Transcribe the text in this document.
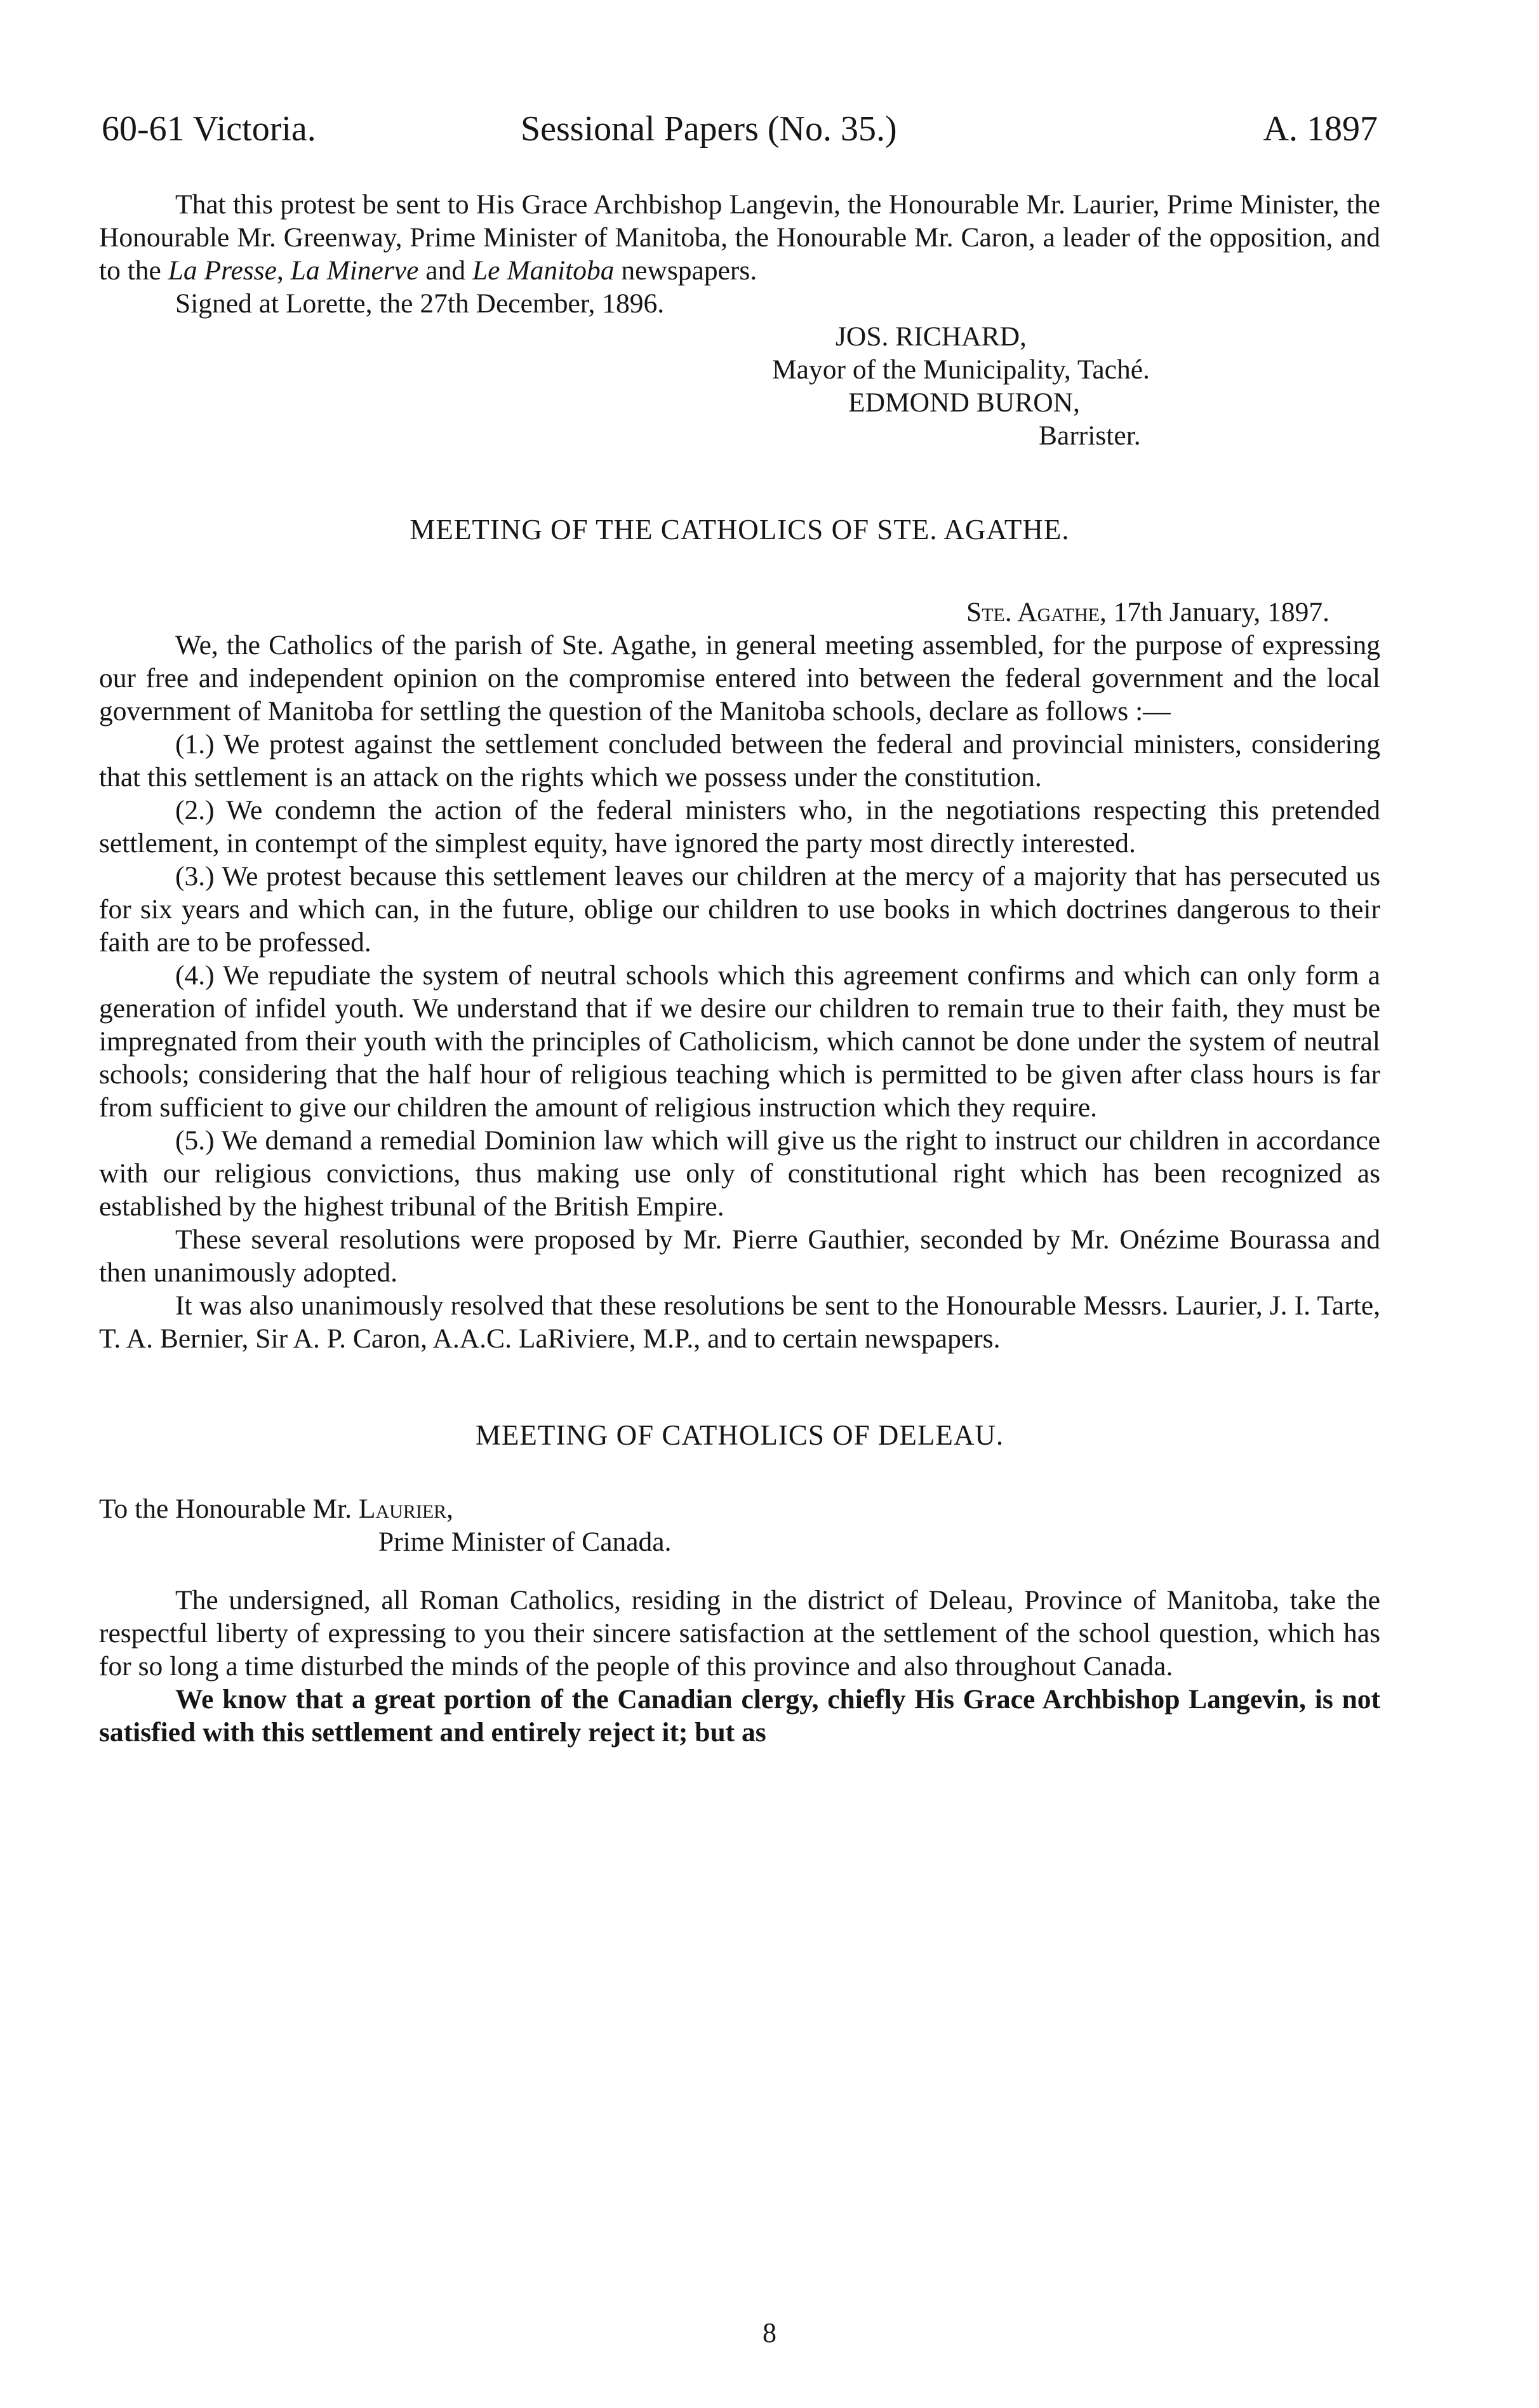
60-61 Victoria.	Sessional Papers (No. 35.)	A. 1897

That this protest be sent to His Grace Archbishop Langevin, the Honourable Mr. Laurier, Prime Minister, the Honourable Mr. Greenway, Prime Minister of Manitoba, the Honourable Mr. Caron, a leader of the opposition, and to the La Presse, La Minerve and Le Manitoba newspapers.

Signed at Lorette, the 27th December, 1896.

JOS. RICHARD,
Mayor of the Municipality, Taché.
EDMOND BURON,
Barrister.

MEETING OF THE CATHOLICS OF STE. AGATHE.

Ste. Agathe, 17th January, 1897.

We, the Catholics of the parish of Ste. Agathe, in general meeting assembled, for the purpose of expressing our free and independent opinion on the compromise entered into between the federal government and the local government of Manitoba for settling the question of the Manitoba schools, declare as follows :—

(1.) We protest against the settlement concluded between the federal and provincial ministers, considering that this settlement is an attack on the rights which we possess under the constitution.

(2.) We condemn the action of the federal ministers who, in the negotiations respecting this pretended settlement, in contempt of the simplest equity, have ignored the party most directly interested.

(3.) We protest because this settlement leaves our children at the mercy of a majority that has persecuted us for six years and which can, in the future, oblige our children to use books in which doctrines dangerous to their faith are to be professed.

(4.) We repudiate the system of neutral schools which this agreement confirms and which can only form a generation of infidel youth. We understand that if we desire our children to remain true to their faith, they must be impregnated from their youth with the principles of Catholicism, which cannot be done under the system of neutral schools; considering that the half hour of religious teaching which is permitted to be given after class hours is far from sufficient to give our children the amount of religious instruction which they require.

(5.) We demand a remedial Dominion law which will give us the right to instruct our children in accordance with our religious convictions, thus making use only of constitutional right which has been recognized as established by the highest tribunal of the British Empire.

These several resolutions were proposed by Mr. Pierre Gauthier, seconded by Mr. Onézime Bourassa and then unanimously adopted.

It was also unanimously resolved that these resolutions be sent to the Honourable Messrs. Laurier, J. I. Tarte, T. A. Bernier, Sir A. P. Caron, A.A.C. LaRiviere, M.P., and to certain newspapers.

MEETING OF CATHOLICS OF DELEAU.

To the Honourable Mr. Laurier,

Prime Minister of Canada.

The undersigned, all Roman Catholics, residing in the district of Deleau, Province of Manitoba, take the respectful liberty of expressing to you their sincere satisfaction at the settlement of the school question, which has for so long a time disturbed the minds of the people of this province and also throughout Canada.

We know that a great portion of the Canadian clergy, chiefly His Grace Archbishop Langevin, is not satisfied with this settlement and entirely reject it; but as

8
